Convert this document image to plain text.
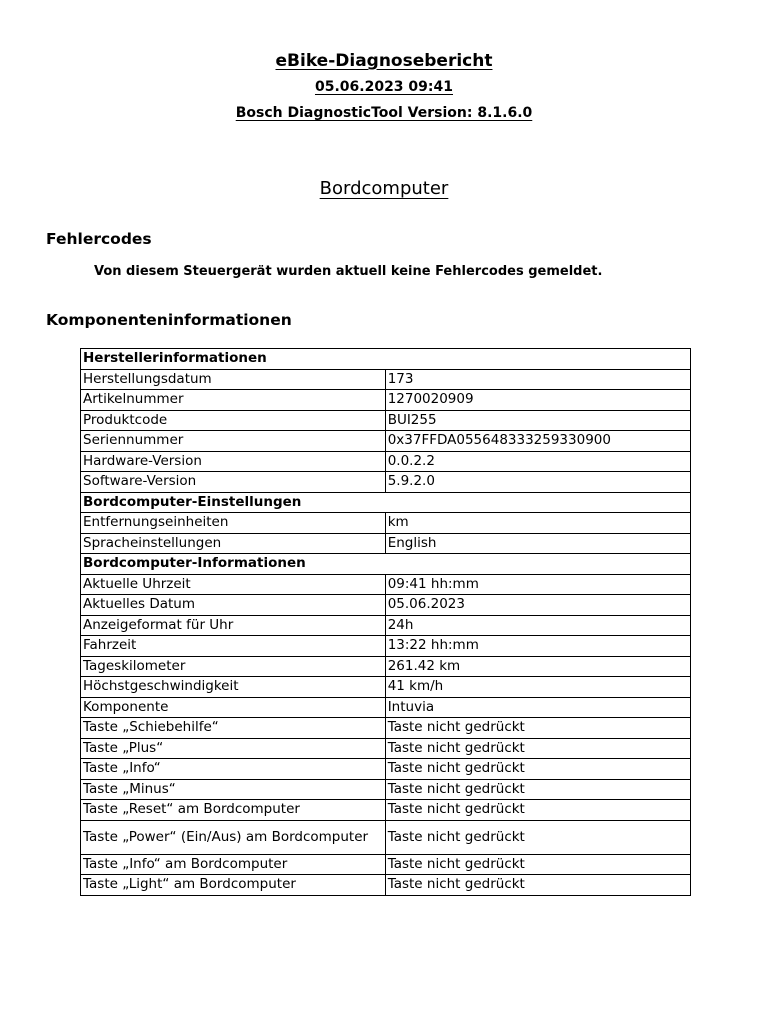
eBike-Diagnosebericht

05.06.2023 09:41

Bosch DiagnosticTool Version: 8.1.6.0

Bordcomputer

Fehlercodes

Von diesem Steuergerät wurden aktuell keine Fehlercodes gemeldet.

Komponenteninformationen
Herstellerinformationen	
Herstellungsdatum	173
Artikelnummer	1270020909
Produktcode	BUI255
Seriennummer	0x37FFDA055648333259330900
Hardware-Version	0.0.2.2
Software-Version	5.9.2.0
Bordcomputer-Einstellungen	
Entfernungseinheiten	km
Spracheinstellungen	English
Bordcomputer-Informationen	
Aktuelle Uhrzeit	09:41 hh:mm
Aktuelles Datum	05.06.2023
Anzeigeformat für Uhr	24h
Fahrzeit	13:22 hh:mm
Tageskilometer	261.42 km
Höchstgeschwindigkeit	41 km/h
Komponente	Intuvia
Taste „Schiebehilfe“	Taste nicht gedrückt
Taste „Plus“	Taste nicht gedrückt
Taste „Info“	Taste nicht gedrückt
Taste „Minus“	Taste nicht gedrückt
Taste „Reset“ am Bordcomputer	Taste nicht gedrückt
Taste „Power“ (Ein/Aus) am Bordcomputer	Taste nicht gedrückt
Taste „Info“ am Bordcomputer	Taste nicht gedrückt
Taste „Light“ am Bordcomputer	Taste nicht gedrückt
